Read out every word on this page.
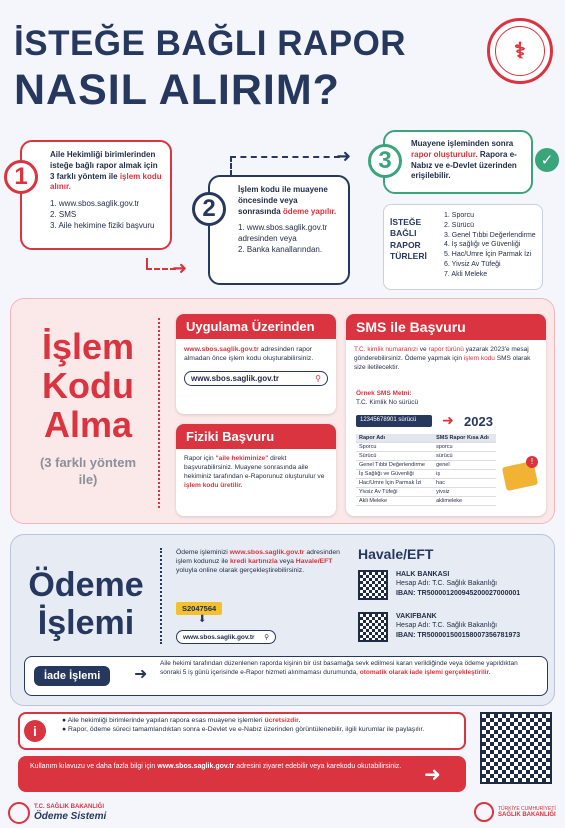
İSTEĞE BAĞLI RAPOR
NASIL ALIRIM?
⚕
Aile Hekimliği birimlerinden isteğe bağlı rapor almak için 3 farklı yöntem ile işlem kodu alınır.
1. www.sbos.saglik.gov.tr
2. SMS
3. Aile hekimine fiziki başvuru
1
➜
➜
İşlem kodu ile muayene öncesinde veya sonrasında ödeme yapılır.
1. www.sbos.saglik.gov.tr adresinden veya
2. Banka kanallarından.
2
Muayene işleminden sonra rapor oluşturulur. Rapora e-Nabız ve e-Devlet üzerinden erişilebilir.
3	✓
İSTEĞE BAĞLI RAPOR TÜRLERİ
1. Sporcu
2. Sürücü
3. Genel Tıbbi Değerlendirme
4. İş sağlığı ve Güvenliği
5. Hac/Umre İçin Parmak İzi
6. Yivsiz Av Tüfeği
7. Akli Meleke
İşlem
Kodu
Alma
(3 farklı yöntem ile)
Uygulama Üzerinden
www.sbos.saglik.gov.tr adresinden rapor almadan önce işlem kodu oluşturabilirsiniz.
www.sbos.saglik.gov.tr	⚲
Fiziki Başvuru
Rapor için "aile hekiminize" direkt başvurabilirsiniz. Muayene sonrasında aile hekiminiz tarafından e-Raporunuz oluşturulur ve işlem kodu üretilir.
SMS ile Başvuru
T.C. kimlik numaranızı ve rapor türünü yazarak 2023'e mesaj gönderebilirsiniz. Ödeme yapmak için işlem kodu SMS olarak size iletilecektir.
Örnek SMS Metni:
T.C. Kimlik No sürücü
12345678901 sürücü	➜ 2023
Rapor Adı	SMS Rapor Kısa Adı
Sporcu	sporcu
Sürücü	sürücü
Genel Tıbbi Değerlendirme	genel
İş Sağlığı ve Güvenliği	iş
Hac/Umre İçin Parmak İzi	hac
Yivsiz Av Tüfeği	yivsiz
Akli Meleke	aklimeleke
!
Ödeme
İşlemi
Ödeme işleminizi www.sbos.saglik.gov.tr adresinden işlem kodunuz ile kredi kartınızla veya Havale/EFT yoluyla online olarak gerçekleştirebilirsiniz.
S2047564
⬇
www.sbos.saglik.gov.tr ⚲
Havale/EFT
HALK BANKASI
Hesap Adı: T.C. Sağlık Bakanlığı
IBAN: TR500001200945200027000001
VAKIFBANK
Hesap Adı: T.C. Sağlık Bakanlığı
IBAN: TR500001500158007356781973
İade İşlemi	➜
Aile hekimi tarafından düzenlenen raporda kişinin bir üst basamağa sevk edilmesi karan verildiğinde veya ödeme yapıldıktan sonraki 5 iş günü içerisinde e-Rapor hizmeti alınmaması durumunda, otomatik olarak iade işlemi gerçekleştirilir.
i
● Aile hekimliği birimlerinde yapılan rapora esas muayene işlemleri ücretsizdir.
● Rapor, ödeme süreci tamamlandıktan sonra e-Devlet ve e-Nabız üzerinden görüntülenebilir, ilgili kurumlar ile paylaşılır.
Kullanım kılavuzu ve daha fazla bilgi için www.sbos.saglik.gov.tr adresini ziyaret edebilir veya karekodu okutabilirsiniz.	➜
T.C. SAĞLIK BAKANLIĞI
Ödeme Sistemi
TÜRKİYE CUMHURİYETİ
SAĞLIK BAKANLIĞI
